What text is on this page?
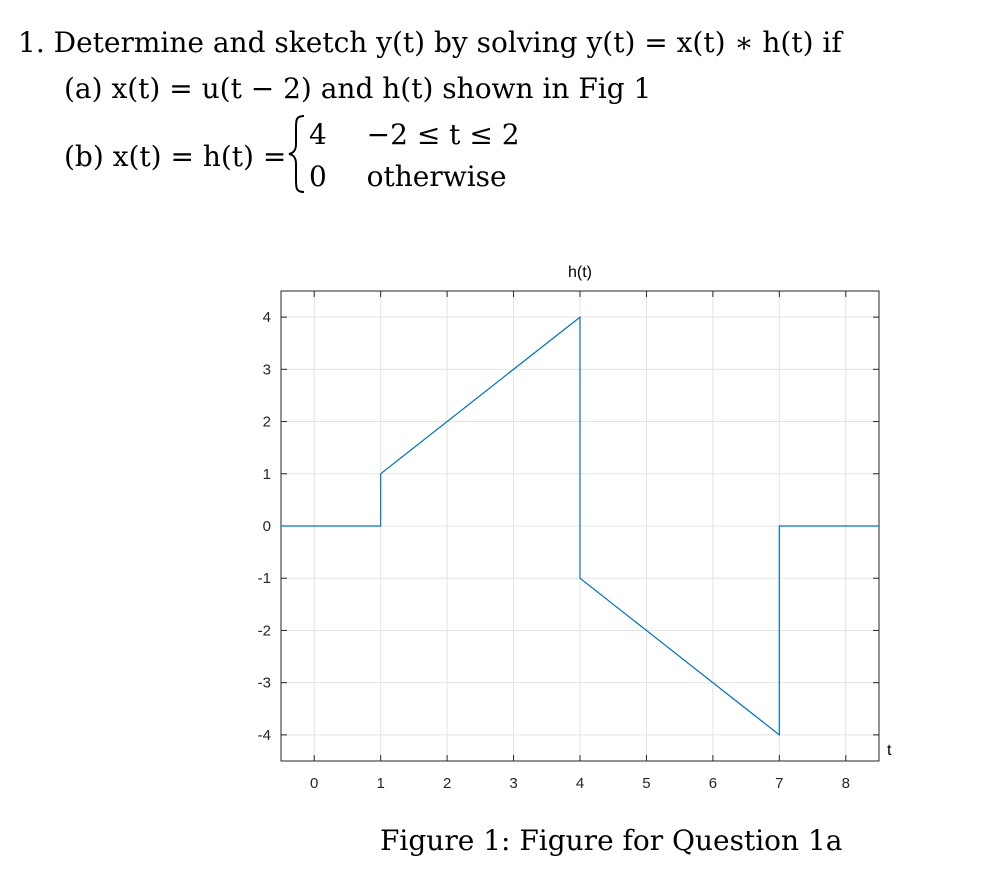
1. Determine and sketch y(t) by solving y(t) = x(t) ∗ h(t) if
(a) x(t) = u(t − 2) and h(t) shown in Fig 1
(b) x(t) = h(t) =
4 −2 ≤ t ≤ 2
0 otherwise
0	1	2	3	4	5	6	7	8
-4
-3
-2
-1
0
1
2
3
4
h(t)
t
Figure 1: Figure for Question 1a
